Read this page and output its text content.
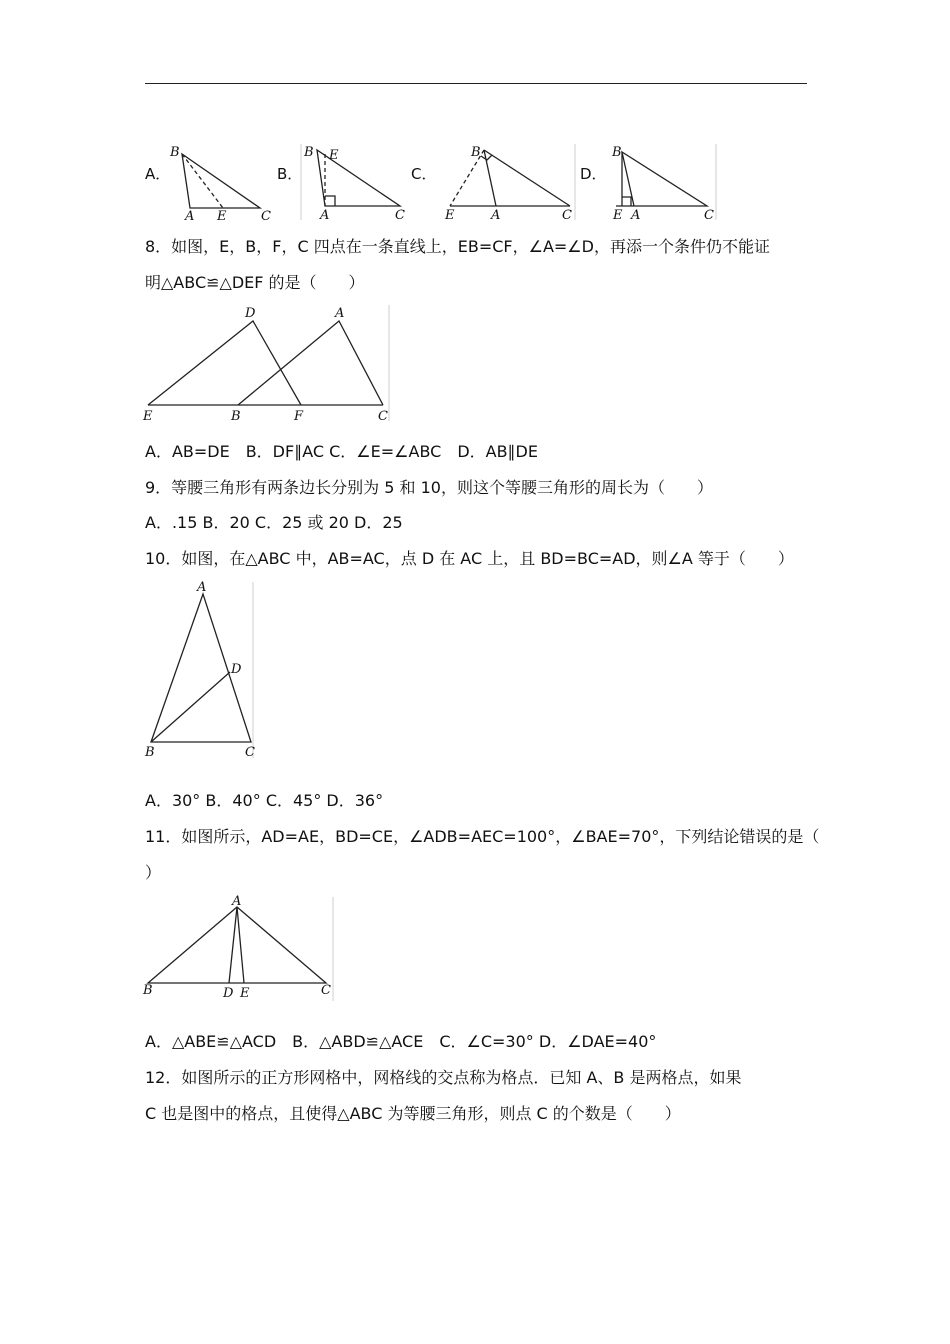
A．
B
A E	C
B．
B E
A	C
C．
B
E	A	C
D．
B
E A	C
8．如图，E，B，F，C 四点在一条直线上，EB=CF，∠A=∠D，再添一个条件仍不能证
明△ABC≌△DEF 的是（　　）
D	A
E	B	F	C
A．AB=DE　B．DF∥AC C．∠E=∠ABC　D．AB∥DE
9．等腰三角形有两条边长分别为 5 和 10，则这个等腰三角形的周长为（　　）
A．.15 B．20 C．25 或 20 D．25
10．如图，在△ABC 中，AB=AC，点 D 在 AC 上，且 BD=BC=AD，则∠A 等于（　　）
A
D
B	C
A．30° B．40° C．45° D．36°
11．如图所示，AD=AE，BD=CE，∠ADB=AEC=100°，∠BAE=70°，下列结论错误的是（
）
A
B	D E	C
A．△ABE≌△ACD　B．△ABD≌△ACE　C．∠C=30° D．∠DAE=40°
12．如图所示的正方形网格中，网格线的交点称为格点．已知 A、B 是两格点，如果
C 也是图中的格点，且使得△ABC 为等腰三角形，则点 C 的个数是（　　）
